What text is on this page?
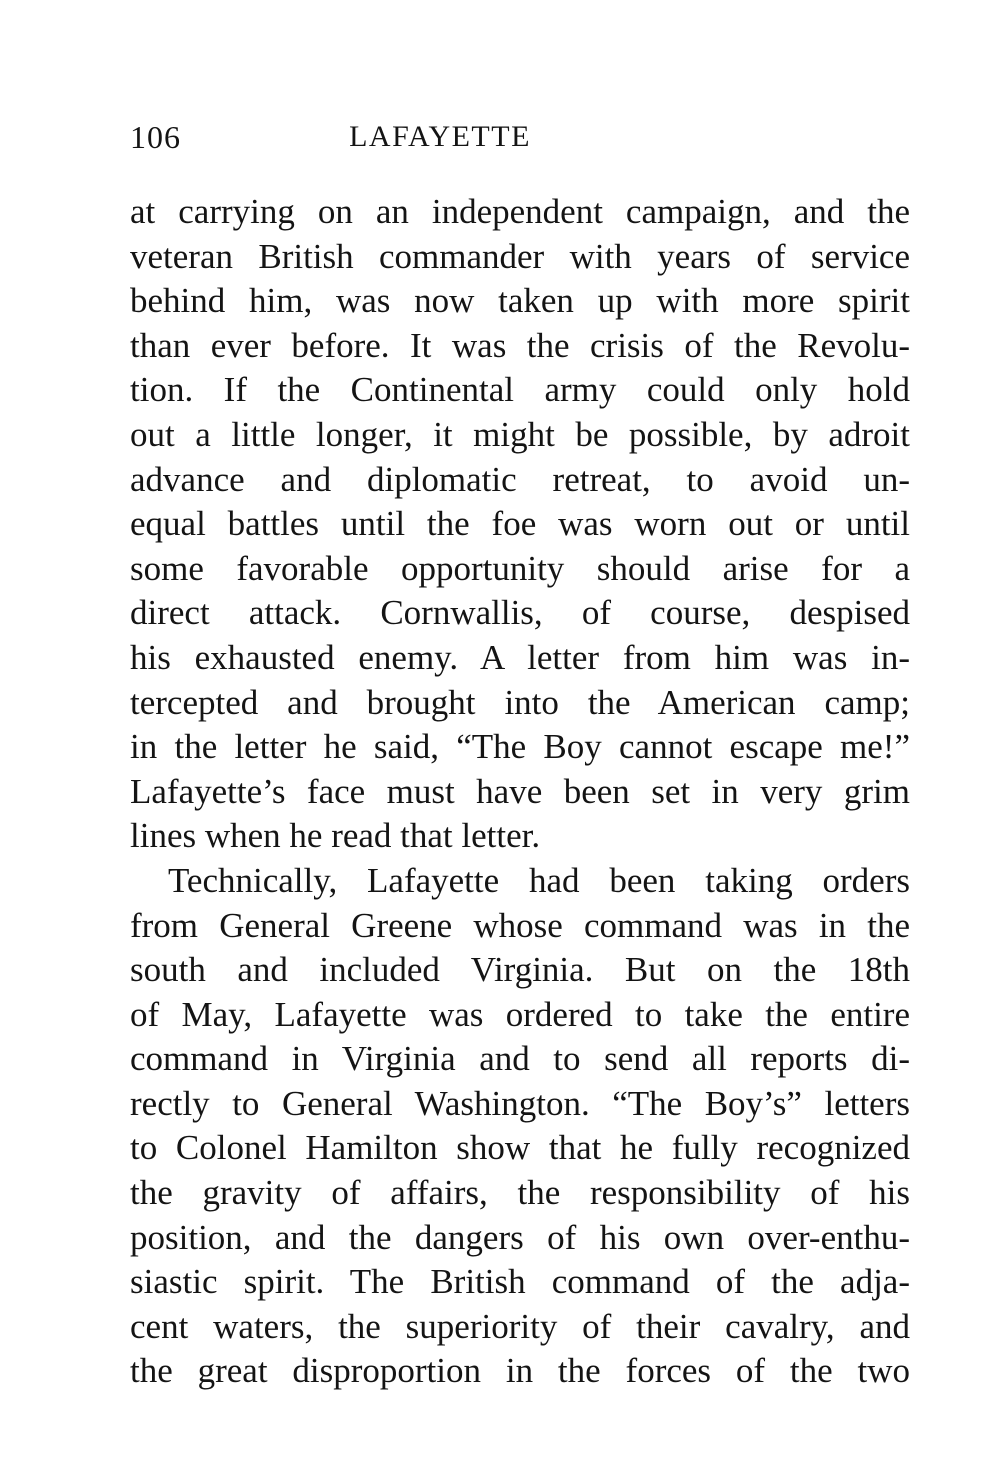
106	LAFAYETTE
at carrying on an independent campaign, and the
veteran British commander with years of service
behind him, was now taken up with more spirit
than ever before. It was the crisis of the Revolu-
tion. If the Continental army could only hold
out a little longer, it might be possible, by adroit
advance and diplomatic retreat, to avoid un-
equal battles until the foe was worn out or until
some favorable opportunity should arise for a
direct attack. Cornwallis, of course, despised
his exhausted enemy. A letter from him was in-
tercepted and brought into the American camp;
in the letter he said, “The Boy cannot escape me!”
Lafayette’s face must have been set in very grim
lines when he read that letter.
Technically, Lafayette had been taking orders
from General Greene whose command was in the
south and included Virginia. But on the 18th
of May, Lafayette was ordered to take the entire
command in Virginia and to send all reports di-
rectly to General Washington. “The Boy’s” letters
to Colonel Hamilton show that he fully recognized
the gravity of affairs, the responsibility of his
position, and the dangers of his own over-enthu-
siastic spirit. The British command of the adja-
cent waters, the superiority of their cavalry, and
the great disproportion in the forces of the two
